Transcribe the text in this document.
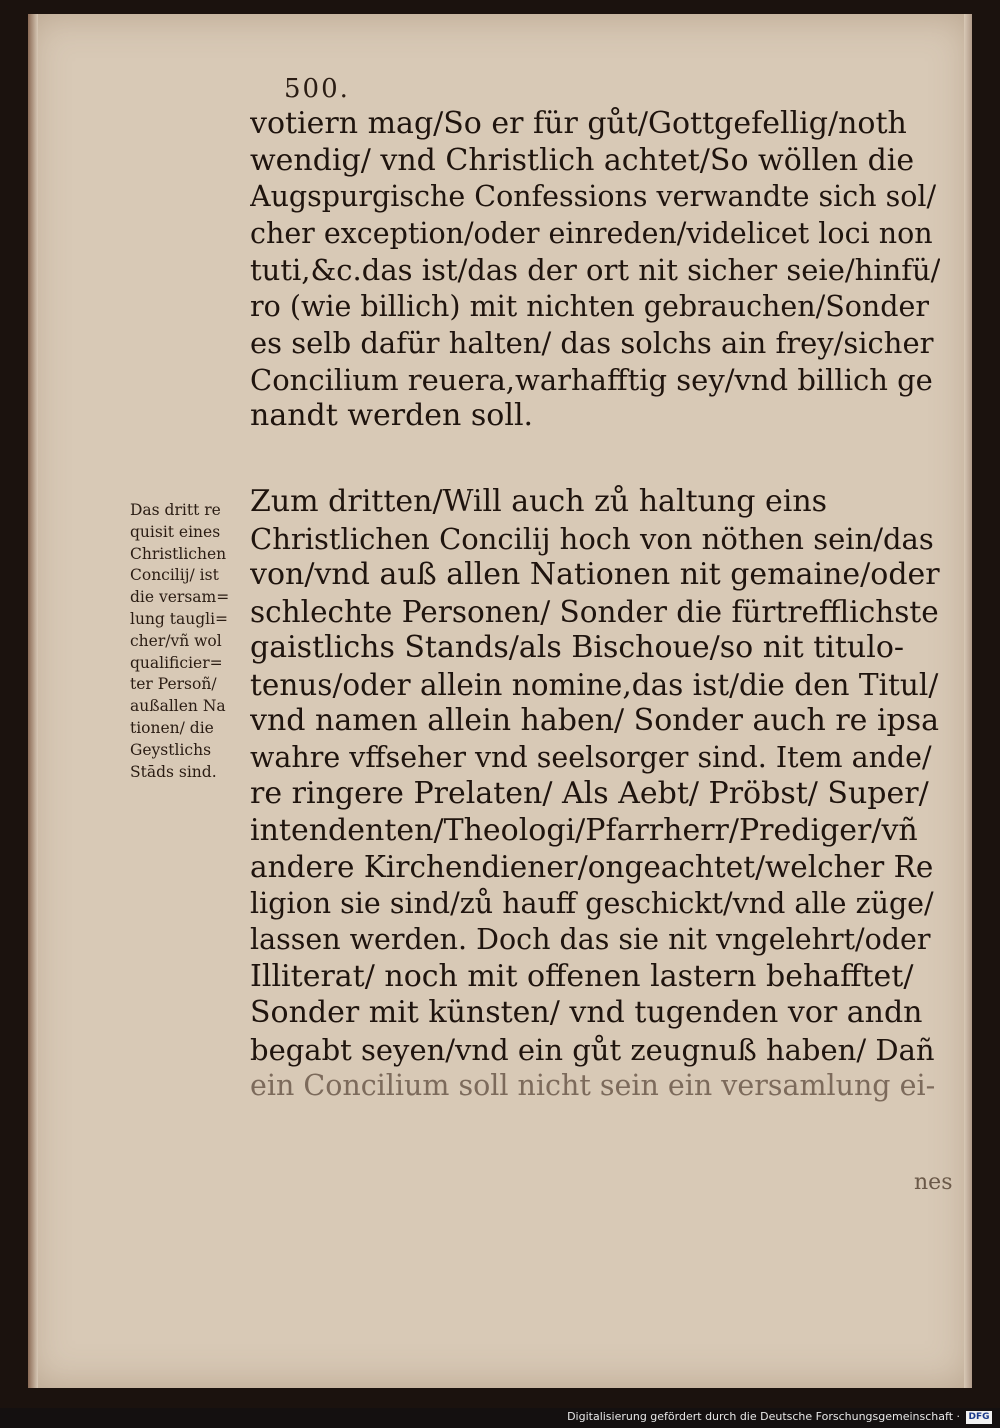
500.
votiern mag/So er für gůt/Gottgefellig/noth
wendig/ vnd Christlich achtet/So wöllen die
Augspurgische Confessions verwandte sich sol/
cher exception/oder einreden/videlicet loci non
tuti,&c.das ist/das der ort nit sicher seie/hinfü/
ro (wie billich) mit nichten gebrauchen/Sonder
es selb dafür halten/ das solchs ain frey/sicher
Concilium reuera,warhafftig sey/vnd billich ge
nandt werden soll.
Zum dritten/Will auch zů haltung eins
Christlichen Concilij hoch von nöthen sein/das
von/vnd auß allen Nationen nit gemaine/oder
schlechte Personen/ Sonder die fürtrefflichste
gaistlichs Stands/als Bischoue/so nit titulo-
tenus/oder allein nomine,das ist/die den Titul/
vnd namen allein haben/ Sonder auch re ipsa
wahre vffseher vnd seelsorger sind. Item ande/
re ringere Prelaten/ Als Aebt/ Pröbst/ Super/
intendenten/Theologi/Pfarrherr/Prediger/vñ
andere Kirchendiener/ongeachtet/welcher Re
ligion sie sind/zů hauff geschickt/vnd alle züge/
lassen werden. Doch das sie nit vngelehrt/oder
Illiterat/ noch mit offenen lastern behafftet/
Sonder mit künsten/ vnd tugenden vor andn
begabt seyen/vnd ein gůt zeugnuß haben/ Dañ
ein Concilium soll nicht sein ein versamlung ei-
Das dritt re
quisit eines
Christlichen
Concilij/ ist
die versam=
lung taugli=
cher/vñ wol
qualificier=
ter Persoñ/
außallen Na
tionen/ die
Geystlichs
Stāds sind.
nes
Digitalisierung gefördert durch die Deutsche Forschungsgemeinschaft · DFG
